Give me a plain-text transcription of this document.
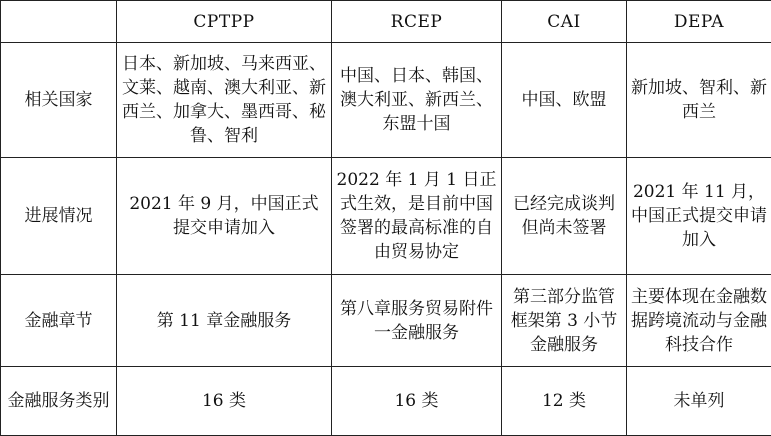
	CPTPP	RCEP	CAI	DEPA
相关国家	日本、新加坡、马来西亚、文莱、越南、澳大利亚、新西兰、加拿大、墨西哥、秘鲁、智利	中国、日本、韩国、澳大利亚、新西兰、东盟十国	中国、欧盟	新加坡、智利、新西兰
进展情况	2021 年 9 月，中国正式提交申请加入	2022 年 1 月 1 日正式生效，是目前中国签署的最高标准的自由贸易协定	已经完成谈判但尚未签署	2021 年 11 月，中国正式提交申请加入
金融章节	第 11 章金融服务	第八章服务贸易附件一金融服务	第三部分监管框架第 3 小节金融服务	主要体现在金融数据跨境流动与金融科技合作
金融服务类别	16 类	16 类	12 类	未单列
